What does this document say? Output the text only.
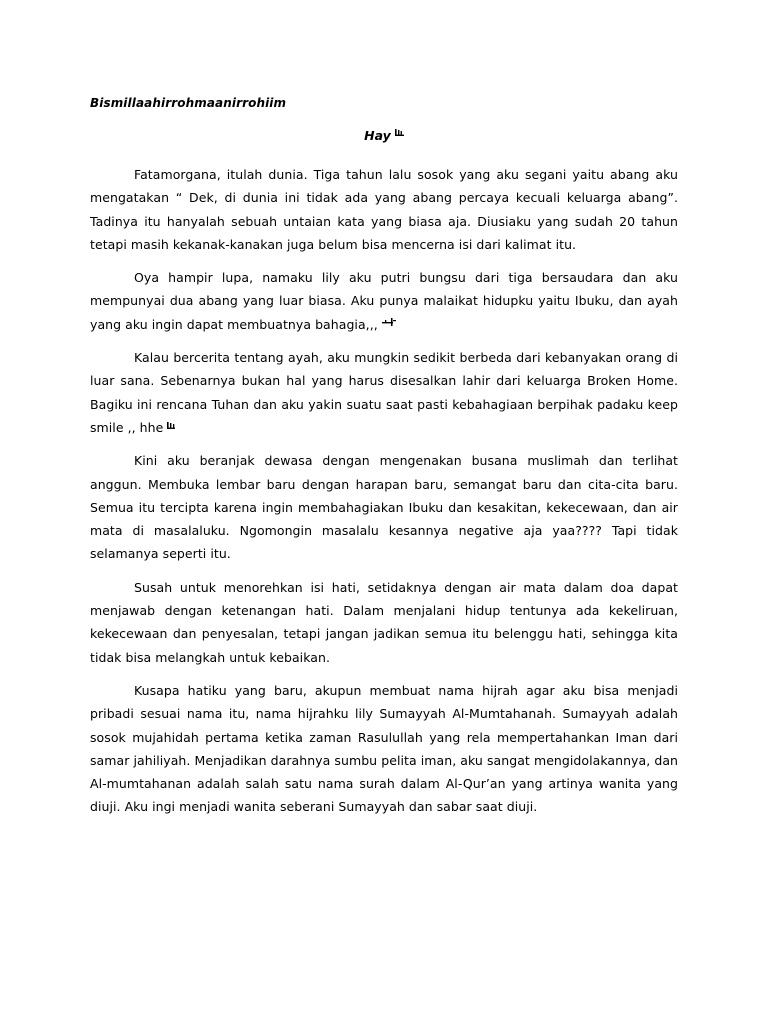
Bismillaahirrohmaanirrohiim
Hay

Fatamorgana, itulah dunia. Tiga tahun lalu sosok yang aku segani yaitu abang aku mengatakan “ Dek, di dunia ini tidak ada yang abang percaya kecuali keluarga abang”. Tadinya itu hanyalah sebuah untaian kata yang biasa aja. Diusiaku yang sudah 20 tahun tetapi masih kekanak-kanakan juga belum bisa mencerna isi dari kalimat itu.

Oya hampir lupa, namaku lily aku putri bungsu dari tiga bersaudara dan aku mempunyai dua abang yang luar biasa. Aku punya malaikat hidupku yaitu Ibuku, dan ayah yang aku ingin dapat membuatnya bahagia,,,

Kalau bercerita tentang ayah, aku mungkin sedikit berbeda dari kebanyakan orang di luar sana. Sebenarnya bukan hal yang harus disesalkan lahir dari keluarga Broken Home. Bagiku ini rencana Tuhan dan aku yakin suatu saat pasti kebahagiaan berpihak padaku keep smile ,, hhe

Kini aku beranjak dewasa dengan mengenakan busana muslimah dan terlihat anggun. Membuka lembar baru dengan harapan baru, semangat baru dan cita-cita baru. Semua itu tercipta karena ingin membahagiakan Ibuku dan kesakitan, kekecewaan, dan air mata di masalaluku. Ngomongin masalalu kesannya negative aja yaa???? Tapi tidak selamanya seperti itu.

Susah untuk menorehkan isi hati, setidaknya dengan air mata dalam doa dapat menjawab dengan ketenangan hati. Dalam menjalani hidup tentunya ada kekeliruan, kekecewaan dan penyesalan, tetapi jangan jadikan semua itu belenggu hati, sehingga kita tidak bisa melangkah untuk kebaikan.

Kusapa hatiku yang baru, akupun membuat nama hijrah agar aku bisa menjadi pribadi sesuai nama itu, nama hijrahku lily Sumayyah Al-Mumtahanah. Sumayyah adalah sosok mujahidah pertama ketika zaman Rasulullah yang rela mempertahankan Iman dari samar jahiliyah. Menjadikan darahnya sumbu pelita iman, aku sangat mengidolakannya, dan Al-mumtahanan adalah salah satu nama surah dalam Al-Qur’an yang artinya wanita yang diuji. Aku ingi menjadi wanita seberani Sumayyah dan sabar saat diuji.
